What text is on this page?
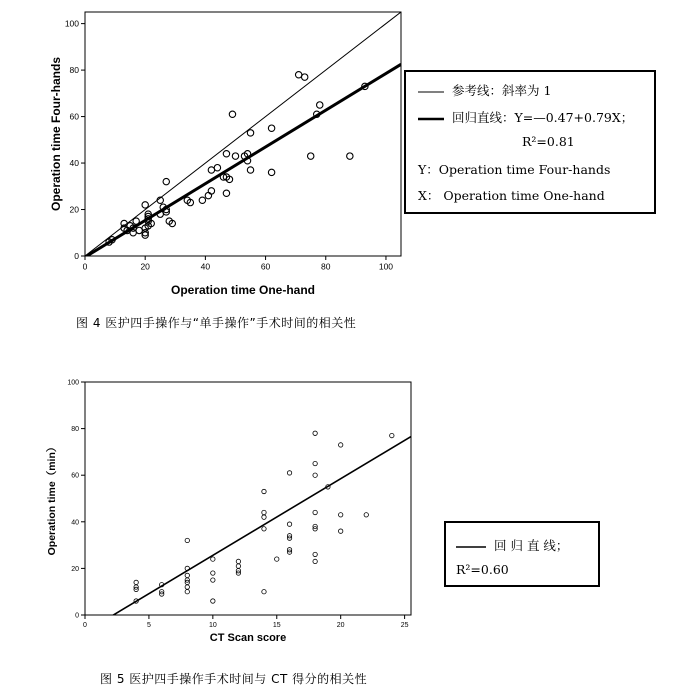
0	20	40	60	80	100
0
20
40
60
80
100
Operation time One-hand
Operation time Four-hands
0	5	10	15	20	25
0
20
40
60
80
100
CT Scan score
Operation time（min）
参考线：斜率为 1
回归直线：Y=—0.47+0.79X；
R²=0.81
Y：Operation time Four-hands
X： Operation time One-hand
图 4 医护四手操作与“单手操作”手术时间的相关性
回 归 直 线；
R²=0.60
图 5 医护四手操作手术时间与 CT 得分的相关性
